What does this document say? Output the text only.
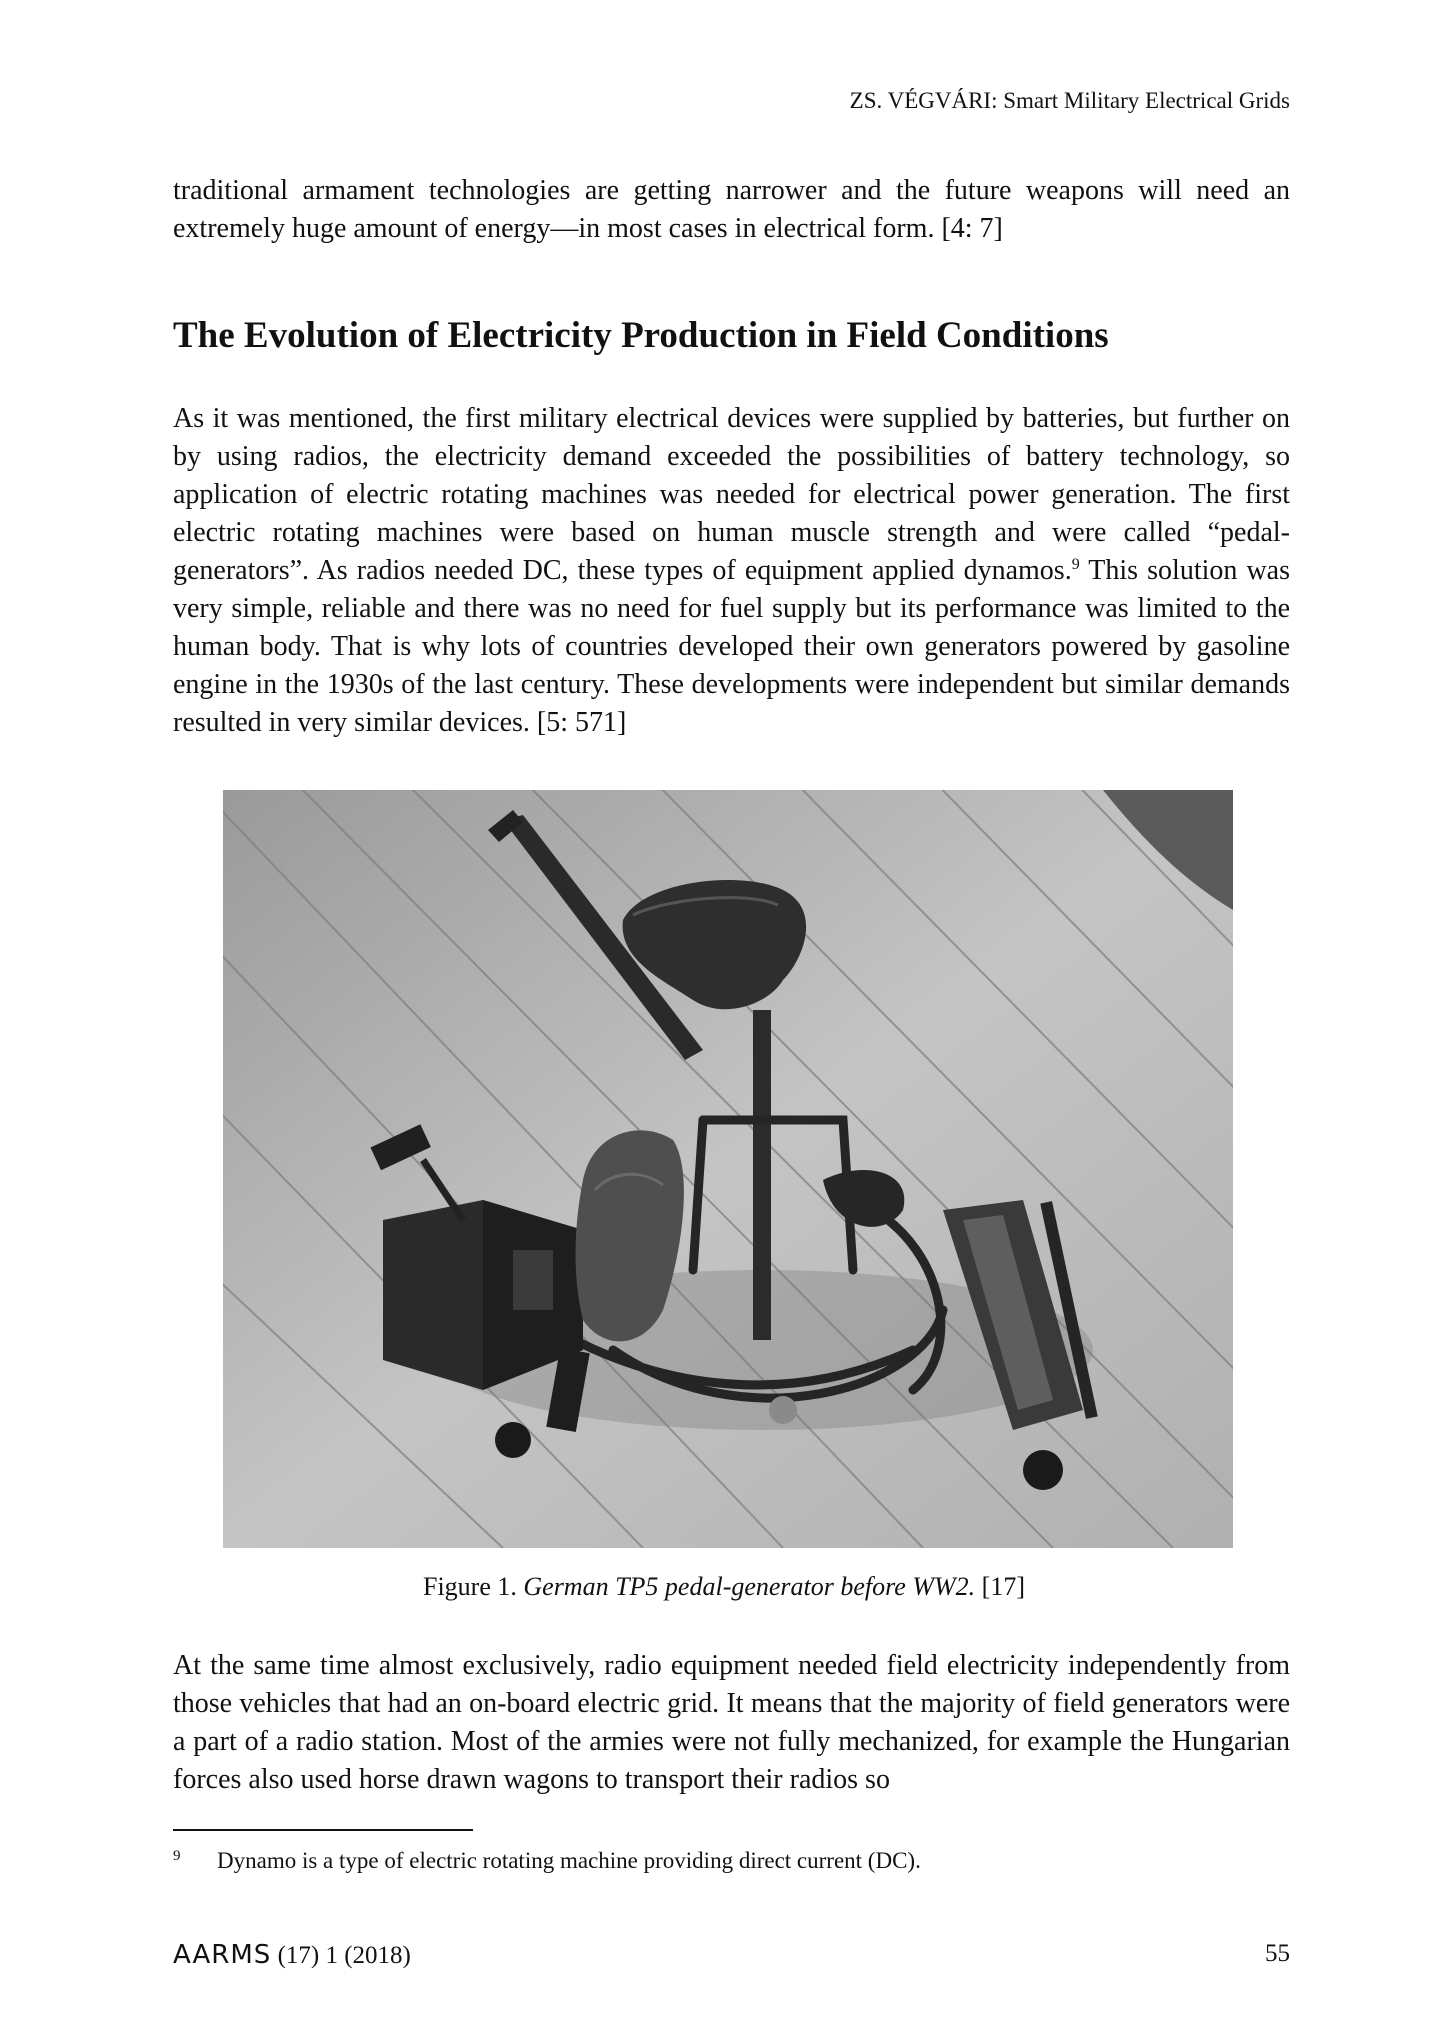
ZS. VÉGVÁRI: Smart Military Electrical Grids

traditional armament technologies are getting narrower and the future weapons will need an extremely huge amount of energy—in most cases in electrical form. [4: 7]

The Evolution of Electricity Production in Field Conditions

As it was mentioned, the first military electrical devices were supplied by batteries, but further on by using radios, the electricity demand exceeded the possibilities of battery technology, so application of electric rotating machines was needed for electrical power generation. The first electric rotating machines were based on human muscle strength and were called “pedal-generators”. As radios needed DC, these types of equipment applied dynamos.$^9$ This solution was very simple, reliable and there was no need for fuel supply but its performance was limited to the human body. That is why lots of countries developed their own generators powered by gasoline engine in the 1930s of the last century. These developments were independent but similar demands resulted in very similar devices. [5: 571]

Figure 1. German TP5 pedal-generator before WW2. [17]

At the same time almost exclusively, radio equipment needed field electricity independently from those vehicles that had an on-board electric grid. It means that the majority of field generators were a part of a radio station. Most of the armies were not fully mechanized, for example the Hungarian forces also used horse drawn wagons to transport their radios so

9 Dynamo is a type of electric rotating machine providing direct current (DC).
AARMS (17) 1 (2018)	55
